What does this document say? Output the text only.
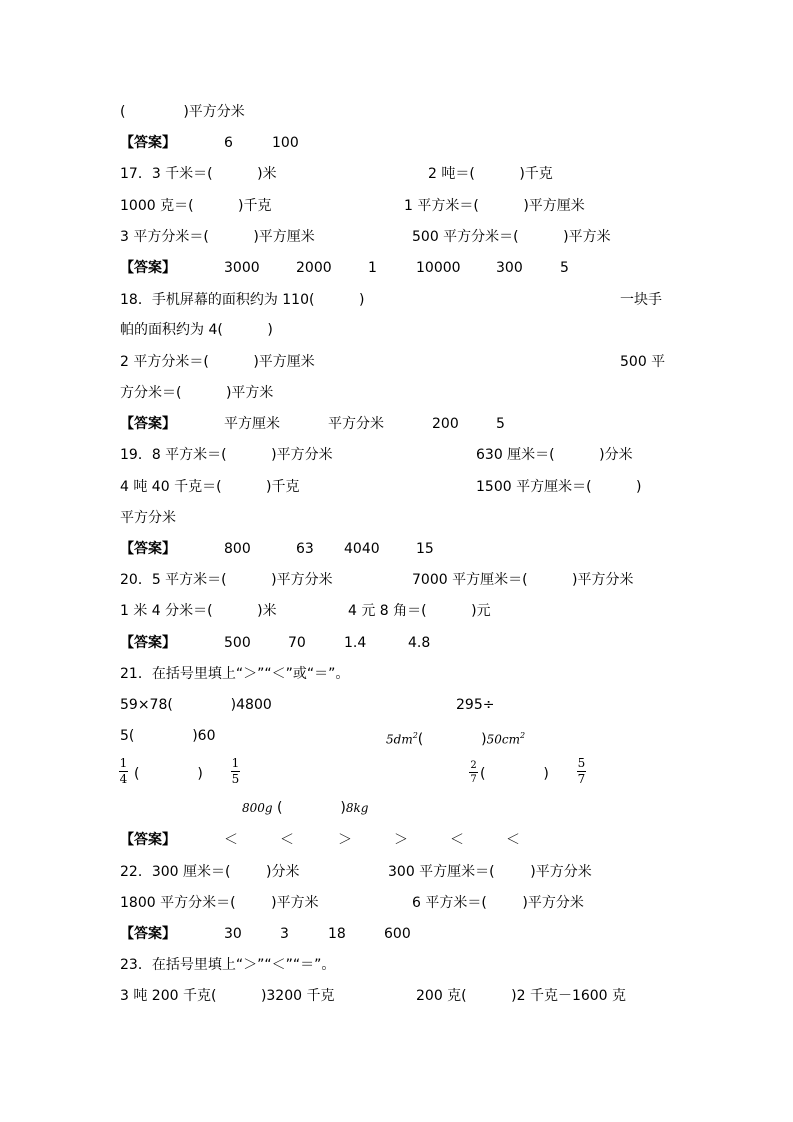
(             )平方分米
【答案】	6	100
17．3 千米＝(          )米	2 吨＝(          )千克
1000 克＝(          )千克	1 平方米＝(          )平方厘米
3 平方分米＝(          )平方厘米	500 平方分米＝(          )平方米
【答案】	3000	2000	1	10000	300	5
18．手机屏幕的面积约为 110(          )	一块手
帕的面积约为 4(          )
2 平方分米＝(          )平方厘米	500 平
方分米＝(          )平方米
【答案】	平方厘米	平方分米	200	5
19．8 平方米＝(          )平方分米	630 厘米＝(          )分米
4 吨 40 千克＝(          )千克	1500 平方厘米＝(          )
平方分米
【答案】	800	63 4040	15
20．5 平方米＝(          )平方分米	7000 平方厘米＝(          )平方分米
1 米 4 分米＝(          )米	4 元 8 角＝(          )元
【答案】	500	70	1.4	4.8
21．在括号里填上“＞”“＜”或“＝”。
59×78(             )4800	295÷
5(             )60	$5dm^2$(             )$50cm^2$
1
4 (             )
1
5
2
7 (             )
5
7
800g (             )8kg
【答案】	＜	＜	＞	＞	＜	＜
22．300 厘米＝(        )分米	300 平方厘米＝(        )平方分米
1800 平方分米＝(        )平方米	6 平方米＝(        )平方分米
【答案】	30	3	18	600
23．在括号里填上“＞”“＜”“＝”。
3 吨 200 千克(          )3200 千克	200 克(          )2 千克－1600 克
